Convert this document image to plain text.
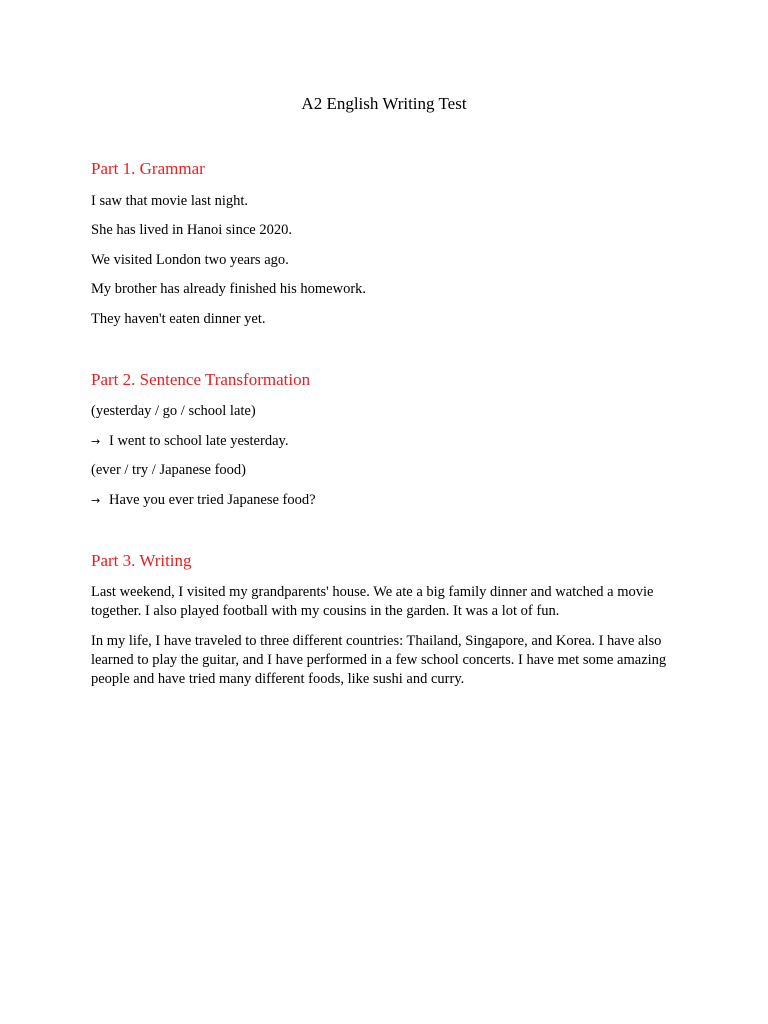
A2 English Writing Test
Part 1. Grammar
I saw that movie last night.
She has lived in Hanoi since 2020.
We visited London two years ago.
My brother has already finished his homework.
They haven't eaten dinner yet.
Part 2. Sentence Transformation
(yesterday / go / school late)
→ I went to school late yesterday.
(ever / try / Japanese food)
→ Have you ever tried Japanese food?
Part 3. Writing
Last weekend, I visited my grandparents' house. We ate a big family dinner and watched a movie together. I also played football with my cousins in the garden. It was a lot of fun.
In my life, I have traveled to three different countries: Thailand, Singapore, and Korea. I have also learned to play the guitar, and I have performed in a few school concerts. I have met some amazing people and have tried many different foods, like sushi and curry.
